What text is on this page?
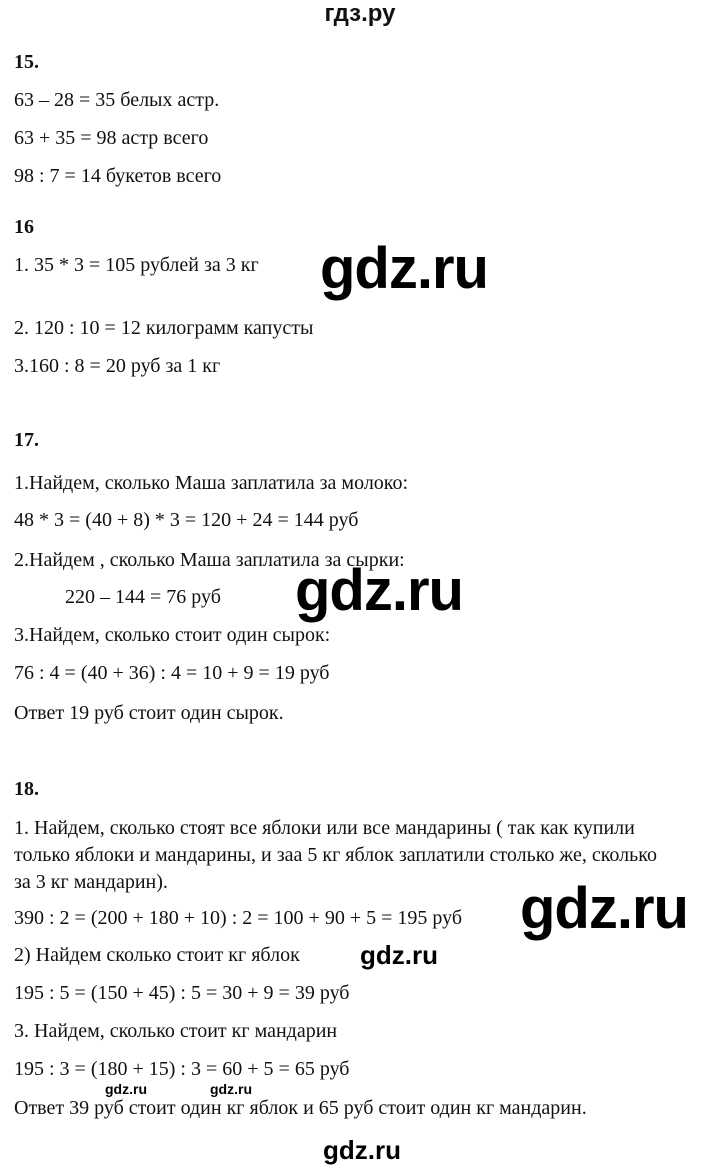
гдз.ру
15.
63 – 28 = 35 белых астр.
63 + 35 = 98 астр всего
98 : 7 = 14 букетов всего
16
1. 35 * 3 = 105 рублей за 3 кг
2. 120 : 10 = 12 килограмм капусты
3.160 : 8 = 20 руб за 1 кг
17.
1.Найдем, сколько Маша заплатила за молоко:
48 * 3 = (40 + 8) * 3 = 120 + 24 = 144 руб
2.Найдем , сколько Маша заплатила за сырки:
220 – 144 = 76 руб
3.Найдем, сколько стоит один сырок:
76 : 4 = (40 + 36) : 4 = 10 + 9 = 19 руб
Ответ 19 руб стоит один сырок.
18.
1. Найдем, сколько стоят все яблоки или все мандарины ( так как купили
только яблоки и мандарины, и заа 5 кг яблок заплатили столько же, сколько
за 3 кг мандарин).
390 : 2 = (200 + 180 + 10) : 2 = 100 + 90 + 5 = 195 руб
2) Найдем сколько стоит кг яблок
195 : 5 = (150 + 45) : 5 = 30 + 9 = 39 руб
3. Найдем, сколько стоит кг мандарин
195 : 3 = (180 + 15) : 3 = 60 + 5 = 65 руб
Ответ 39 руб стоит один кг яблок и 65 руб стоит один кг мандарин.
gdz.ru
gdz.ru
gdz.ru
gdz.ru
gdz.ru	gdz.ru
gdz.ru
